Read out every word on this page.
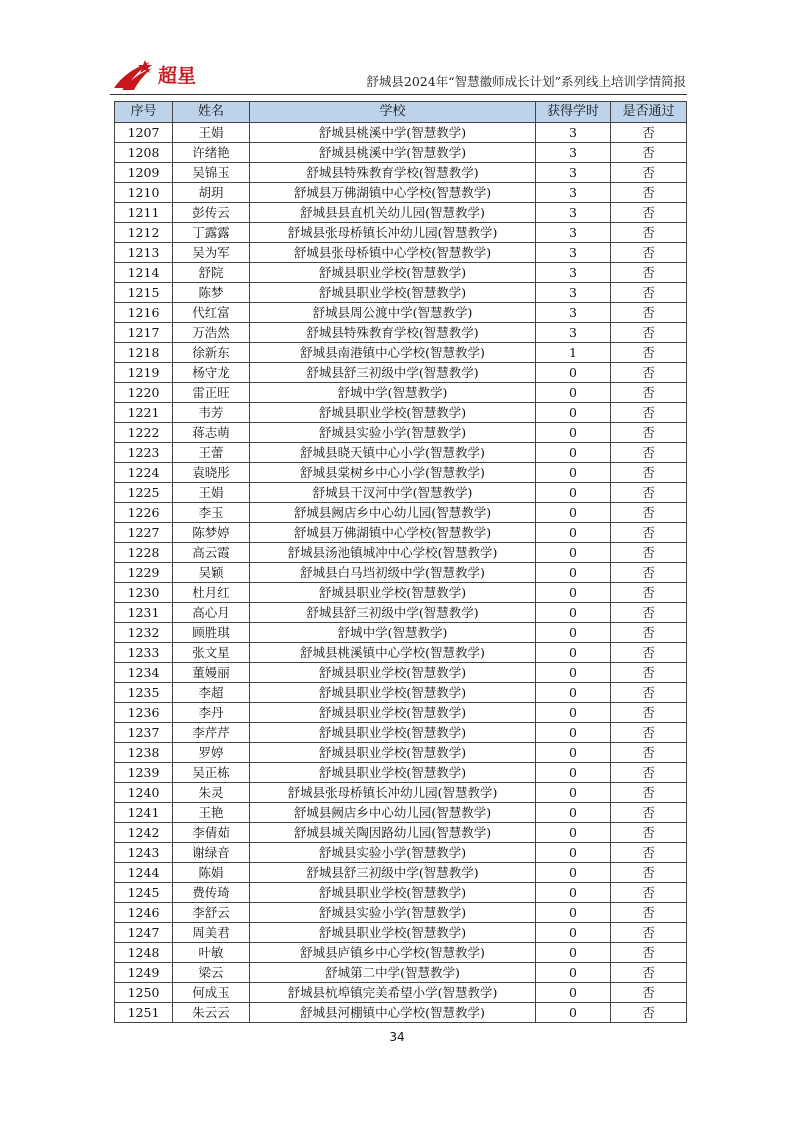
超星	舒城县2024年“智慧徽师成长计划”系列线上培训学情简报
序号	姓名	学校	获得学时	是否通过
1207	王娟	舒城县桃溪中学(智慧教学)	3	否
1208	许绪艳	舒城县桃溪中学(智慧教学)	3	否
1209	吴锦玉	舒城县特殊教育学校(智慧教学)	3	否
1210	胡玥	舒城县万佛湖镇中心学校(智慧教学)	3	否
1211	彭传云	舒城县县直机关幼儿园(智慧教学)	3	否
1212	丁露露	舒城县张母桥镇长冲幼儿园(智慧教学)	3	否
1213	吴为军	舒城县张母桥镇中心学校(智慧教学)	3	否
1214	舒院	舒城县职业学校(智慧教学)	3	否
1215	陈梦	舒城县职业学校(智慧教学)	3	否
1216	代红富	舒城县周公渡中学(智慧教学)	3	否
1217	万浩然	舒城县特殊教育学校(智慧教学)	3	否
1218	徐新东	舒城县南港镇中心学校(智慧教学)	1	否
1219	杨守龙	舒城县舒三初级中学(智慧教学)	0	否
1220	雷正旺	舒城中学(智慧教学)	0	否
1221	韦芳	舒城县职业学校(智慧教学)	0	否
1222	蒋志萌	舒城县实验小学(智慧教学)	0	否
1223	王蕾	舒城县晓天镇中心小学(智慧教学)	0	否
1224	袁晓彤	舒城县棠树乡中心小学(智慧教学)	0	否
1225	王娟	舒城县干汊河中学(智慧教学)	0	否
1226	李玉	舒城县阙店乡中心幼儿园(智慧教学)	0	否
1227	陈梦婷	舒城县万佛湖镇中心学校(智慧教学)	0	否
1228	高云霞	舒城县汤池镇城冲中心学校(智慧教学)	0	否
1229	吴颖	舒城县白马垱初级中学(智慧教学)	0	否
1230	杜月红	舒城县职业学校(智慧教学)	0	否
1231	高心月	舒城县舒三初级中学(智慧教学)	0	否
1232	顾胜琪	舒城中学(智慧教学)	0	否
1233	张文星	舒城县桃溪镇中心学校(智慧教学)	0	否
1234	董嫚丽	舒城县职业学校(智慧教学)	0	否
1235	李超	舒城县职业学校(智慧教学)	0	否
1236	李丹	舒城县职业学校(智慧教学)	0	否
1237	李芹芹	舒城县职业学校(智慧教学)	0	否
1238	罗婷	舒城县职业学校(智慧教学)	0	否
1239	吴正栋	舒城县职业学校(智慧教学)	0	否
1240	朱灵	舒城县张母桥镇长冲幼儿园(智慧教学)	0	否
1241	王艳	舒城县阙店乡中心幼儿园(智慧教学)	0	否
1242	李倩茹	舒城县城关陶因路幼儿园(智慧教学)	0	否
1243	谢绿音	舒城县实验小学(智慧教学)	0	否
1244	陈娟	舒城县舒三初级中学(智慧教学)	0	否
1245	费传琦	舒城县职业学校(智慧教学)	0	否
1246	李舒云	舒城县实验小学(智慧教学)	0	否
1247	周美君	舒城县职业学校(智慧教学)	0	否
1248	叶敏	舒城县庐镇乡中心学校(智慧教学)	0	否
1249	梁云	舒城第二中学(智慧教学)	0	否
1250	何成玉	舒城县杭埠镇完美希望小学(智慧教学)	0	否
1251	朱云云	舒城县河棚镇中心学校(智慧教学)	0	否
34
